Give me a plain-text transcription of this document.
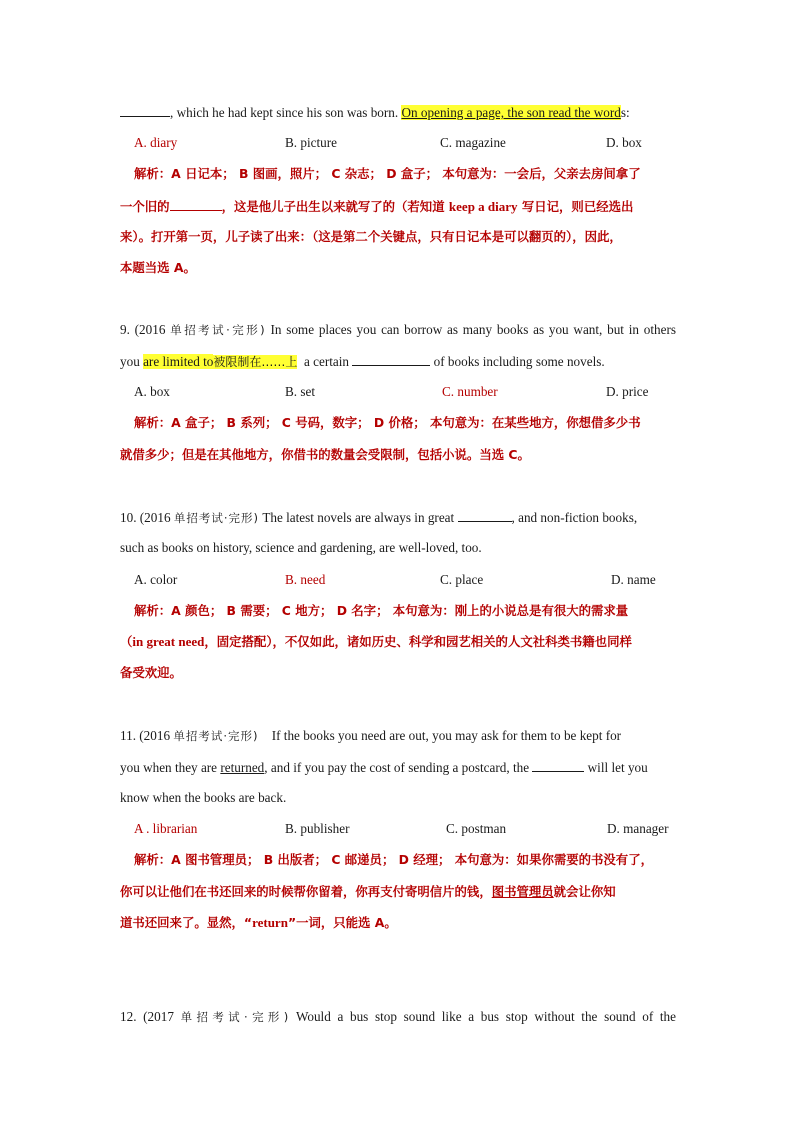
, which he had kept since his son was born. On opening a page, the son read the words:
A. diary	B. picture	C. magazine	D. box
解析：A 日记本； B 图画，照片； C 杂志； D 盒子； 本句意为：一会后，父亲去房间拿了
一个旧的	，这是他儿子出生以来就写了的（若知道 keep a diary 写日记，则已经选出
来）。打开第一页，儿子读了出来：（这是第二个关键点，只有日记本是可以翻页的），因此，
本题当选 A。
9. (2016 单招考试·完形) In some places you can borrow as many books as you want, but in others
you are limited to被限制在……上 a certain	of books including some novels.
A. box	B. set	C. number	D. price
解析：A 盒子； B 系列； C 号码，数字； D 价格； 本句意为：在某些地方，你想借多少书
就借多少；但是在其他地方，你借书的数量会受限制，包括小说。当选 C。
10. (2016 单招考试·完形) The latest novels are always in great	, and non-fiction books,
such as books on history, science and gardening, are well-loved, too.
A. color	B. need	C. place	D. name
解析：A 颜色； B 需要； C 地方； D 名字； 本句意为：刚上的小说总是有很大的需求量
（in great need，固定搭配），不仅如此，诸如历史、科学和园艺相关的人文社科类书籍也同样
备受欢迎。
11. (2016 单招考试·完形) If the books you need are out, you may ask for them to be kept for
you when they are returned, and if you pay the cost of sending a postcard, the	will let you
know when the books are back.
A . librarian	B. publisher	C. postman	D. manager
解析：A 图书管理员； B 出版者； C 邮递员； D 经理； 本句意为：如果你需要的书没有了，
你可以让他们在书还回来的时候帮你留着，你再支付寄明信片的钱，图书管理员就会让你知
道书还回来了。显然，“return”一词，只能选 A。
12. (2017 单招考试·完形) Would a bus stop sound like a bus stop without the sound of the
